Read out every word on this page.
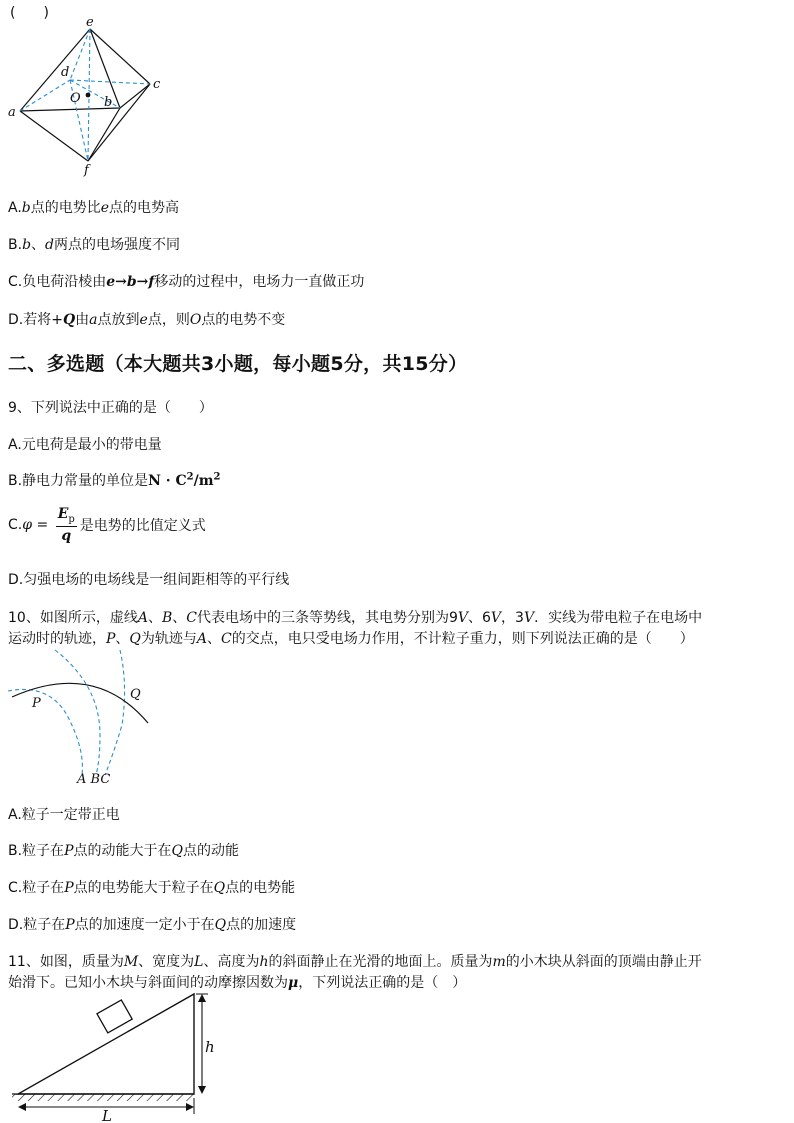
(　　)
e
d
c
O b
a
f
A.b点的电势比e点的电势高
B.b、d两点的电场强度不同
C.负电荷沿棱由e→b→f移动的过程中，电场力一直做正功
D.若将+Q由a点放到e点，则O点的电势不变
二、多选题（本大题共3小题，每小题5分，共15分）
9、下列说法中正确的是（　　）
A.元电荷是最小的带电量
B.静电力常量的单位是$N \cdot C^2/m^2$
$C.\varphi = \frac{E_p}{q}$ 是电势的比值定义式
D.匀强电场的电场线是一组间距相等的平行线
10、如图所示，虚线A、B、C代表电场中的三条等势线，其电势分别为9V、6V，3V．实线为带电粒子在电场中
运动时的轨迹，P、Q为轨迹与A、C的交点，电只受电场力作用，不计粒子重力，则下列说法正确的是（　　）
P
Q
A BC
A.粒子一定带正电
B.粒子在P点的动能大于在Q点的动能
C.粒子在P点的电势能大于粒子在Q点的电势能
D.粒子在P点的加速度一定小于在Q点的加速度
11、如图，质量为M、宽度为L、高度为h的斜面静止在光滑的地面上。质量为m的小木块从斜面的顶端由静止开
始滑下。已知小木块与斜面间的动摩擦因数为μ，下列说法正确的是（　）
h
L
